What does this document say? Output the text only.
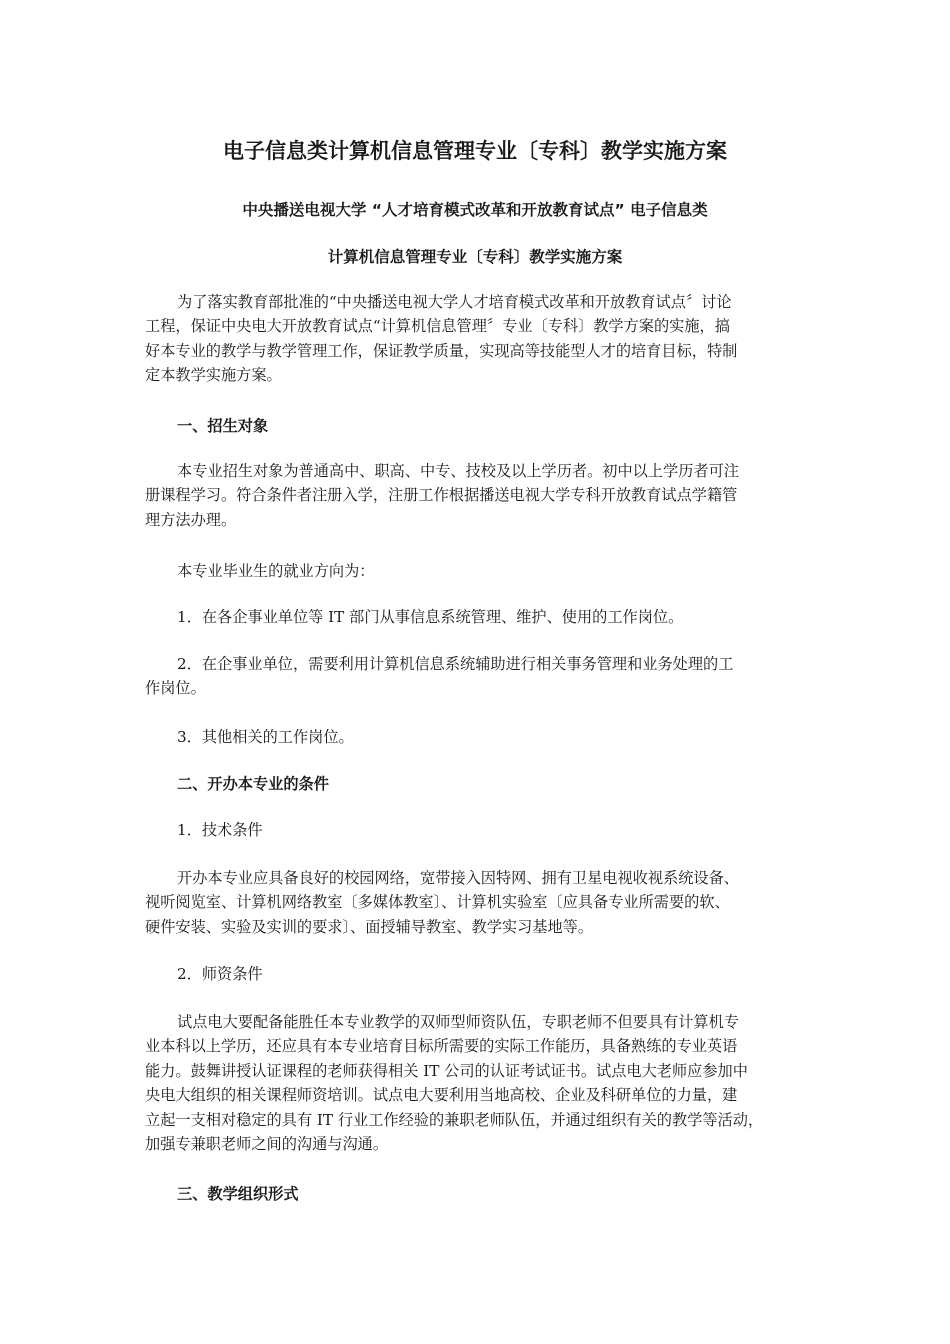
电子信息类计算机信息管理专业〔专科〕教学实施方案
中央播送电视大学 “人才培育模式改革和开放教育试点” 电子信息类
计算机信息管理专业〔专科〕教学实施方案
为了落实教育部批准的“中央播送电视大学人才培育模式改革和开放教育试点〞讨论
工程，保证中央电大开放教育试点“计算机信息管理〞专业〔专科〕教学方案的实施，搞
好本专业的教学与教学管理工作，保证教学质量，实现高等技能型人才的培育目标，特制
定本教学实施方案。
一、招生对象
本专业招生对象为普通高中、职高、中专、技校及以上学历者。初中以上学历者可注
册课程学习。符合条件者注册入学，注册工作根据播送电视大学专科开放教育试点学籍管
理方法办理。
本专业毕业生的就业方向为：
1．在各企事业单位等 IT 部门从事信息系统管理、维护、使用的工作岗位。
2．在企事业单位，需要利用计算机信息系统辅助进行相关事务管理和业务处理的工
作岗位。
3．其他相关的工作岗位。
二、开办本专业的条件
1．技术条件
开办本专业应具备良好的校园网络，宽带接入因特网、拥有卫星电视收视系统设备、
视听阅览室、计算机网络教室〔多媒体教室〕、计算机实验室〔应具备专业所需要的软、
硬件安装、实验及实训的要求〕、面授辅导教室、教学实习基地等。
2．师资条件
试点电大要配备能胜任本专业教学的双师型师资队伍，专职老师不但要具有计算机专
业本科以上学历，还应具有本专业培育目标所需要的实际工作能历，具备熟练的专业英语
能力。鼓舞讲授认证课程的老师获得相关 IT 公司的认证考试证书。试点电大老师应参加中
央电大组织的相关课程师资培训。试点电大要利用当地高校、企业及科研单位的力量，建
立起一支相对稳定的具有 IT 行业工作经验的兼职老师队伍，并通过组织有关的教学等活动，
加强专兼职老师之间的沟通与沟通。
三、教学组织形式
